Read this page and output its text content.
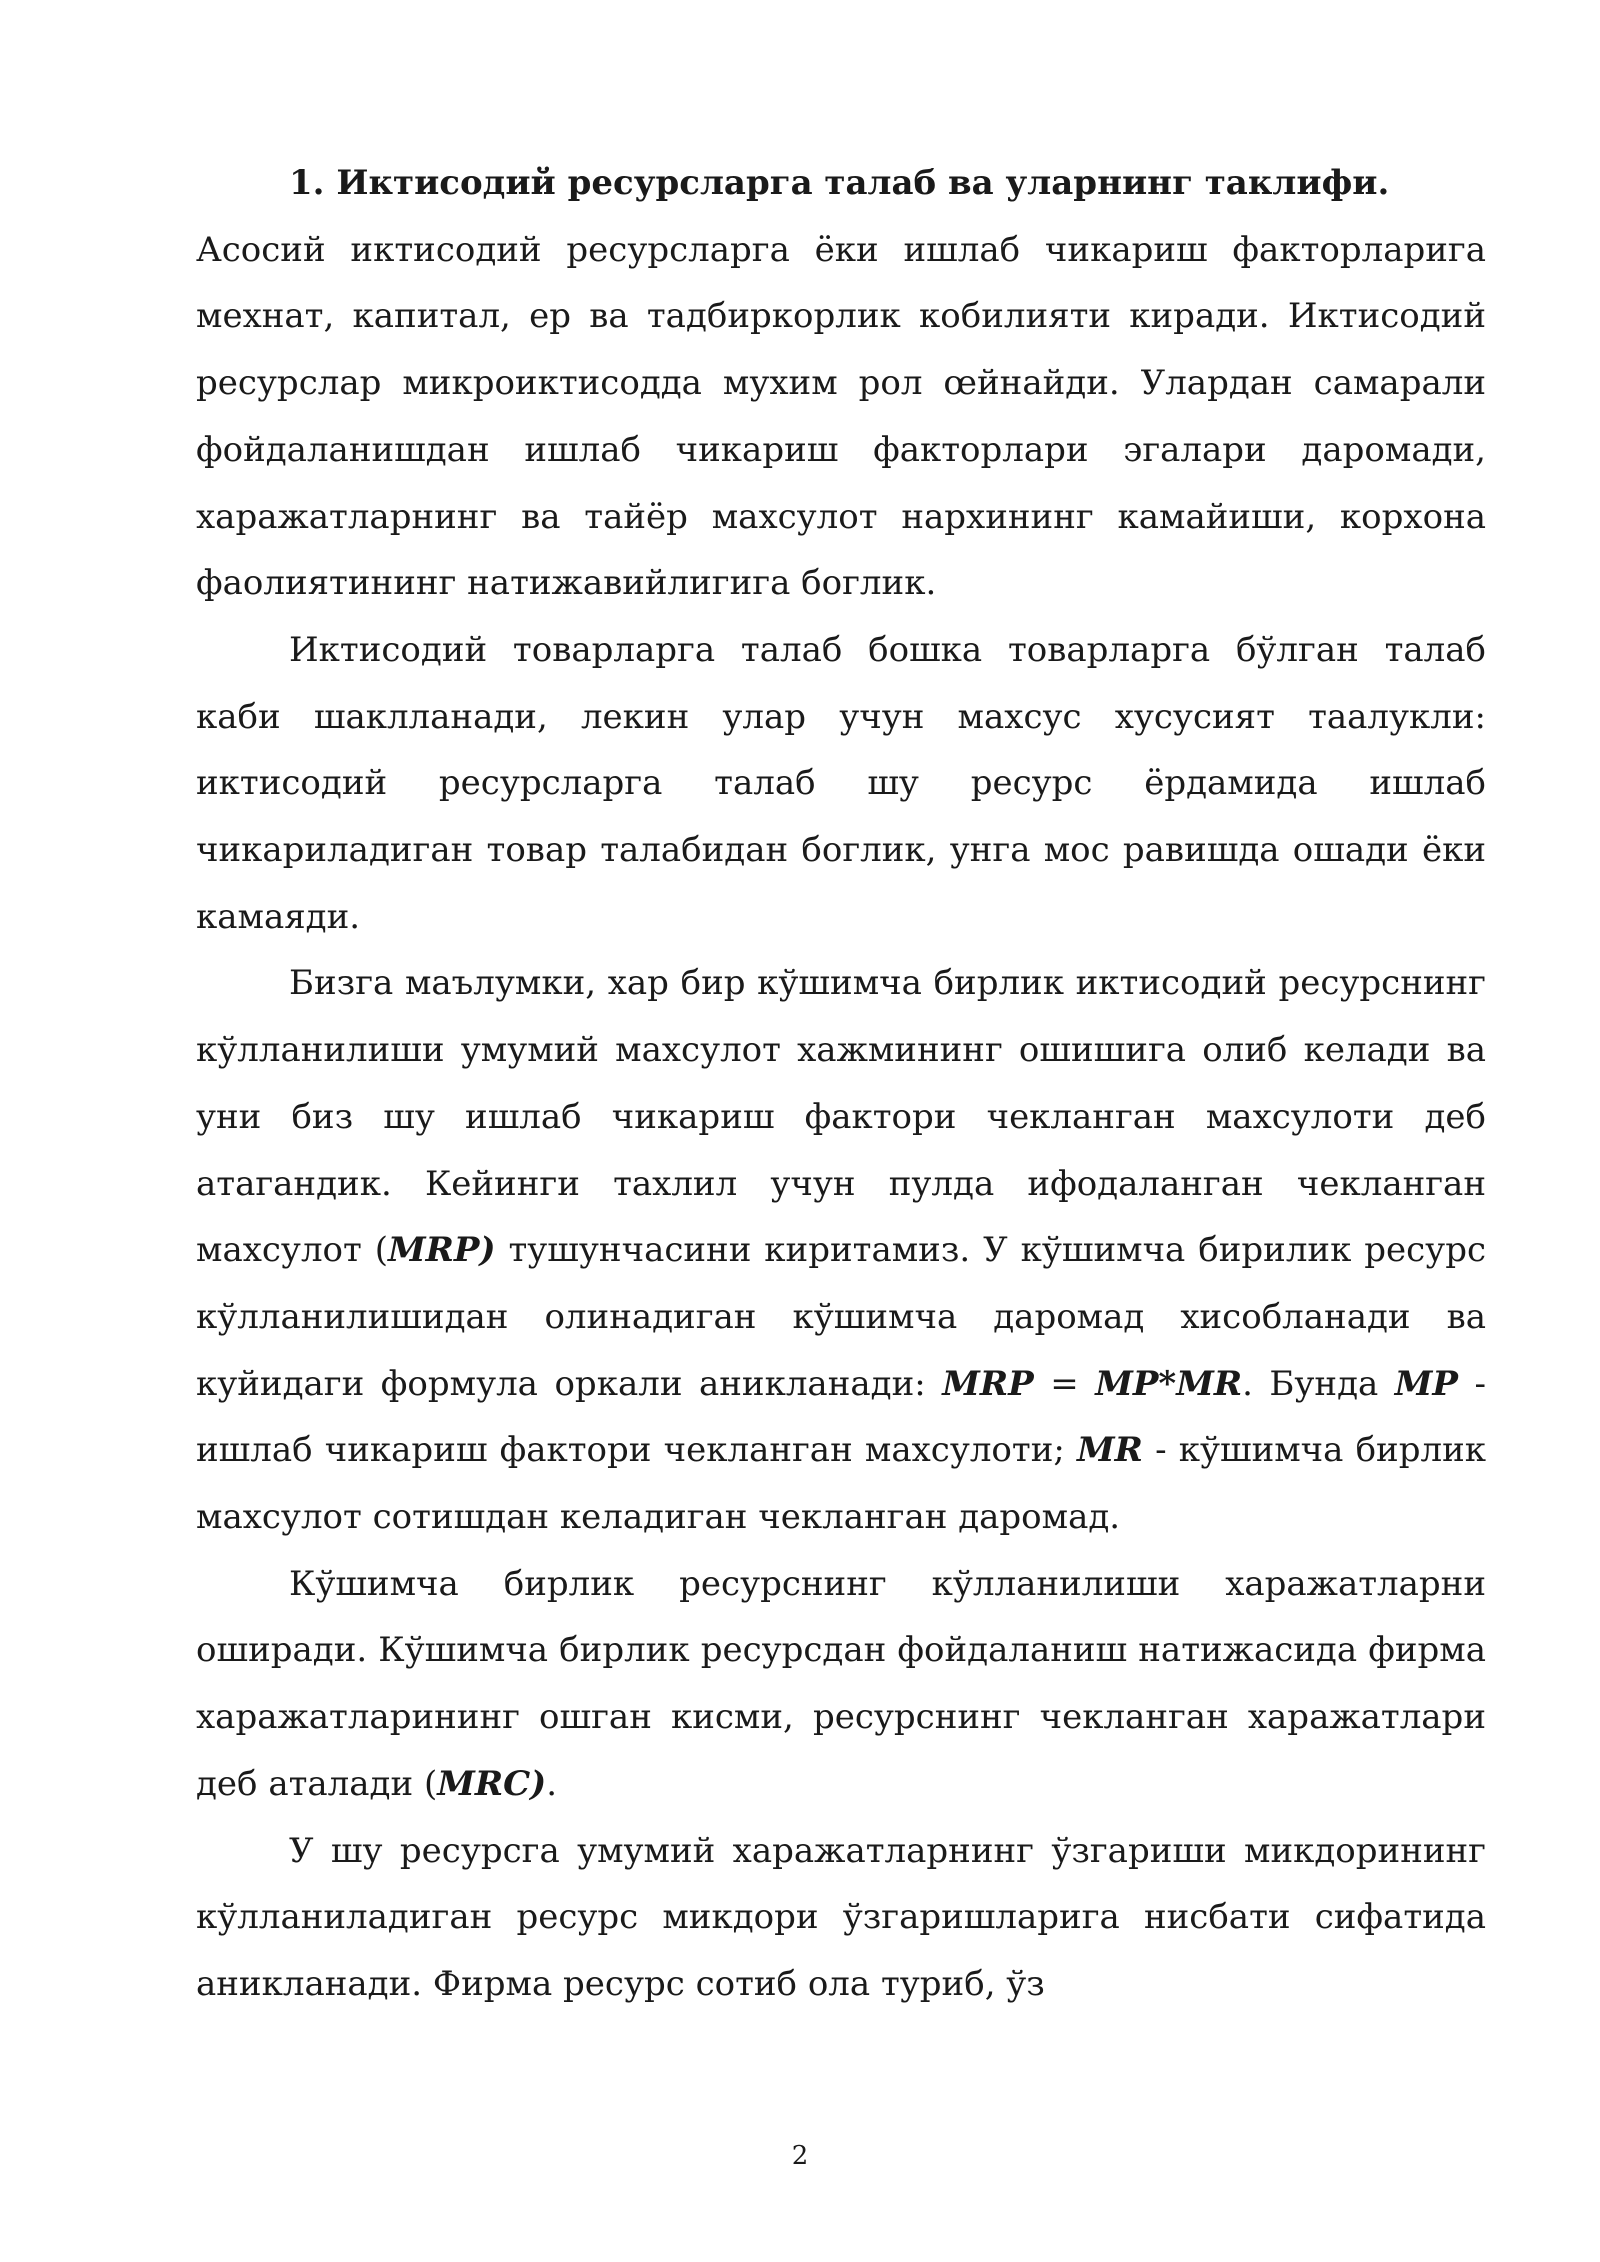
1. Иктисодий ресурсларга талаб ва уларнинг таклифи.

Асосий иктисодий ресурсларга ёки ишлаб чикариш факторларига мехнат, капитал, ер ва тадбиркорлик кобилияти киради. Иктисодий ресурслар микроиктисодда мухим рол œйнайди. Улардан самарали фойдаланишдан ишлаб чикариш факторлари эгалари даромади, харажатларнинг ва тайёр махсулот нархининг камайиши, корхона фаолиятининг натижавийлигига боглик.

Иктисодий товарларга талаб бошка товарларга бўлган талаб каби шаклланади, лекин улар учун махсус хусусият таалукли: иктисодий ресурсларга талаб шу ресурс ёрдамида ишлаб чикариладиган товар талабидан боглик, унга мос равишда ошади ёки камаяди.

Бизга маълумки, хар бир кўшимча бирлик иктисодий ресурснинг кўлланилиши умумий махсулот хажмининг ошишига олиб келади ва уни биз шу ишлаб чикариш фактори чекланган махсулоти деб атагандик. Кейинги тахлил учун пулда ифодаланган чекланган махсулот (MRP) тушунчасини киритамиз. У кўшимча бирилик ресурс кўлланилишидан олинадиган кўшимча даромад хисобланади ва куйидаги формула оркали аникланади: MRP = MP*MR. Бунда MP - ишлаб чикариш фактори чекланган махсулоти; MR - кўшимча бирлик махсулот сотишдан келадиган чекланган даромад.

Кўшимча бирлик ресурснинг кўлланилиши харажатларни оширади. Кўшимча бирлик ресурсдан фойдаланиш натижасида фирма харажатларининг ошган кисми, ресурснинг чекланган харажатлари деб аталади (MRC).

У шу ресурсга умумий харажатларнинг ўзгариши микдорининг кўлланиладиган ресурс микдори ўзгаришларига нисбати сифатида аникланади. Фирма ресурс сотиб ола туриб, ўз

2
